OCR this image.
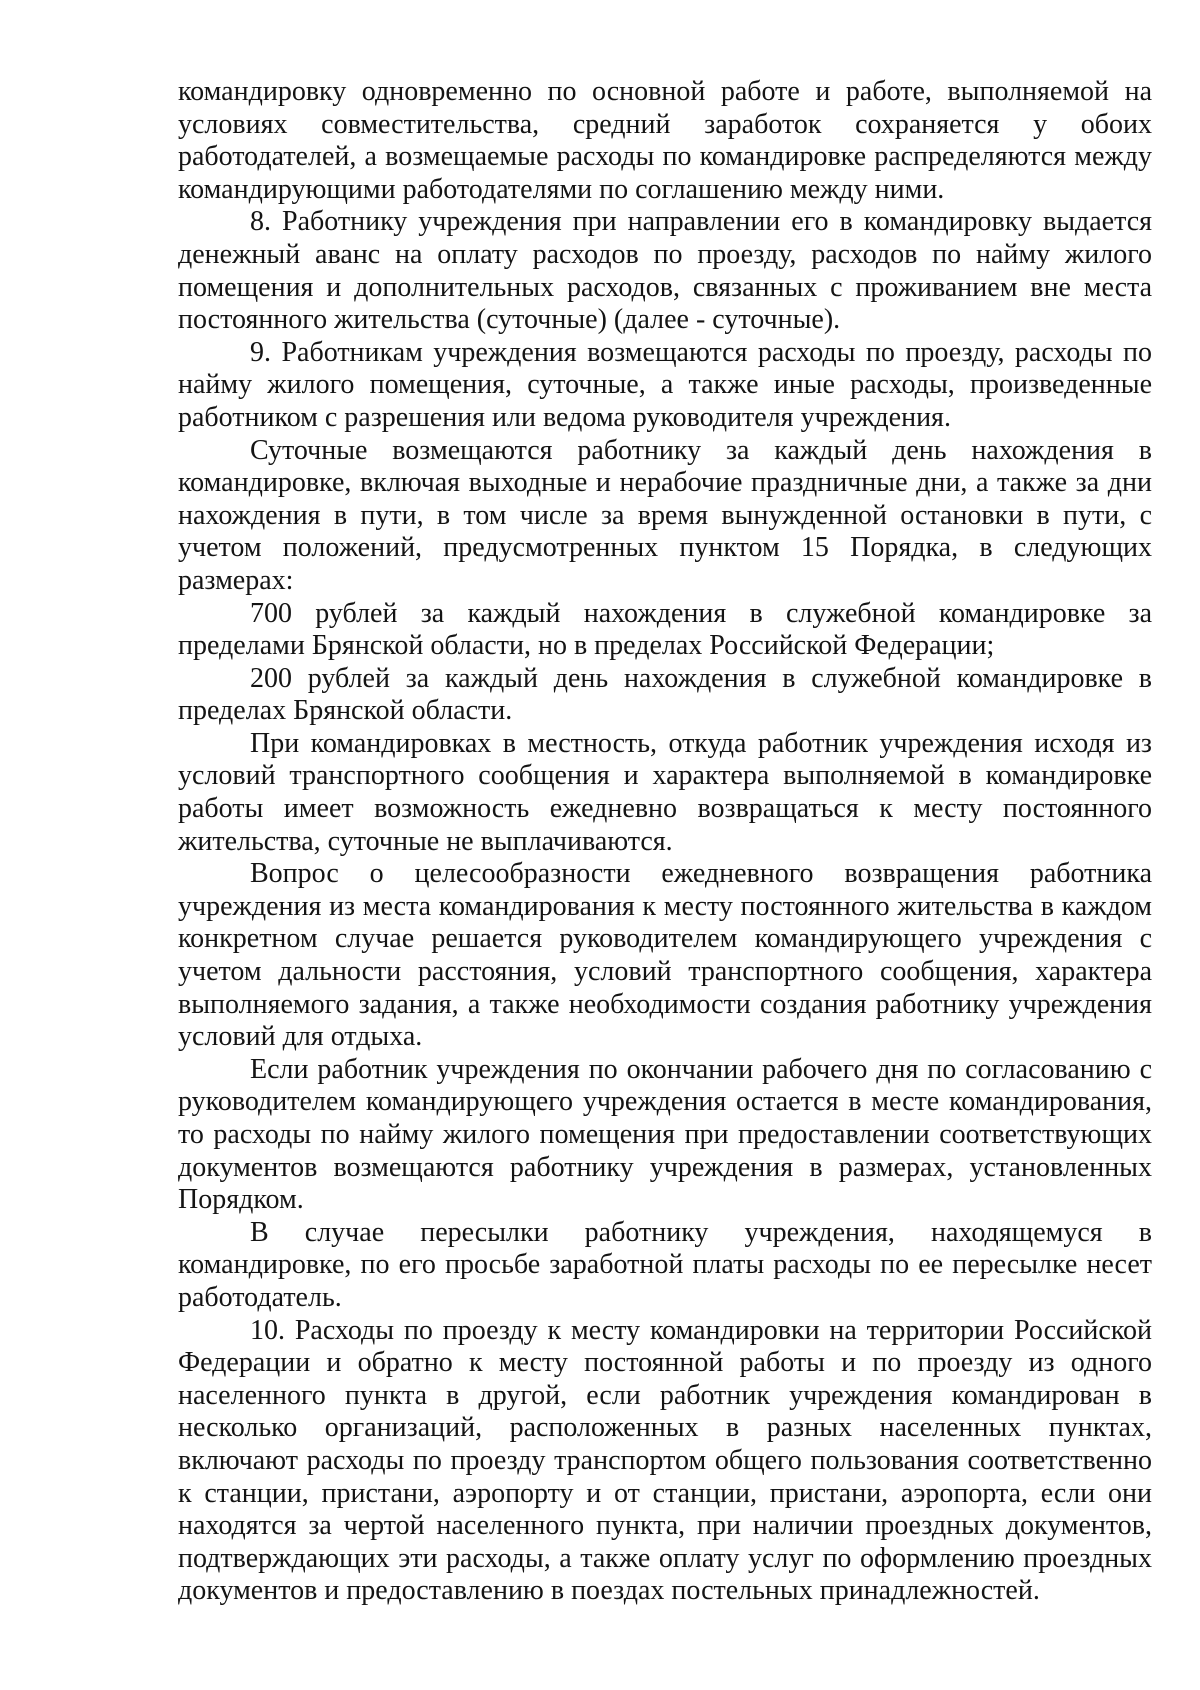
командировку одновременно по основной работе и работе, выполняемой на условиях совместительства, средний заработок сохраняется у обоих работодателей, а возмещаемые расходы по командировке распределяются между командирующими работодателями по соглашению между ними.

8. Работнику учреждения при направлении его в командировку выдается денежный аванс на оплату расходов по проезду, расходов по найму жилого помещения и дополнительных расходов, связанных с проживанием вне места постоянного жительства (суточные) (далее - суточные).

9. Работникам учреждения возмещаются расходы по проезду, расходы по найму жилого помещения, суточные, а также иные расходы, произведенные работником с разрешения или ведома руководителя учреждения.

Суточные возмещаются работнику за каждый день нахождения в командировке, включая выходные и нерабочие праздничные дни, а также за дни нахождения в пути, в том числе за время вынужденной остановки в пути, с учетом положений, предусмотренных пунктом 15 Порядка, в следующих размерах:

700 рублей за каждый нахождения в служебной командировке за пределами Брянской области, но в пределах Российской Федерации;

200 рублей за каждый день нахождения в служебной командировке в пределах Брянской области.

При командировках в местность, откуда работник учреждения исходя из условий транспортного сообщения и характера выполняемой в командировке работы имеет возможность ежедневно возвращаться к месту постоянного жительства, суточные не выплачиваются.

Вопрос о целесообразности ежедневного возвращения работника учреждения из места командирования к месту постоянного жительства в каждом конкретном случае решается руководителем командирующего учреждения с учетом дальности расстояния, условий транспортного сообщения, характера выполняемого задания, а также необходимости создания работнику учреждения условий для отдыха.

Если работник учреждения по окончании рабочего дня по согласованию с руководителем командирующего учреждения остается в месте командирования, то расходы по найму жилого помещения при предоставлении соответствующих документов возмещаются работнику учреждения в размерах, установленных Порядком.

В случае пересылки работнику учреждения, находящемуся в командировке, по его просьбе заработной платы расходы по ее пересылке несет работодатель.

10. Расходы по проезду к месту командировки на территории Российской Федерации и обратно к месту постоянной работы и по проезду из одного населенного пункта в другой, если работник учреждения командирован в несколько организаций, расположенных в разных населенных пунктах, включают расходы по проезду транспортом общего пользования соответственно к станции, пристани, аэропорту и от станции, пристани, аэропорта, если они находятся за чертой населенного пункта, при наличии проездных документов, подтверждающих эти расходы, а также оплату услуг по оформлению проездных документов и предоставлению в поездах постельных принадлежностей.
